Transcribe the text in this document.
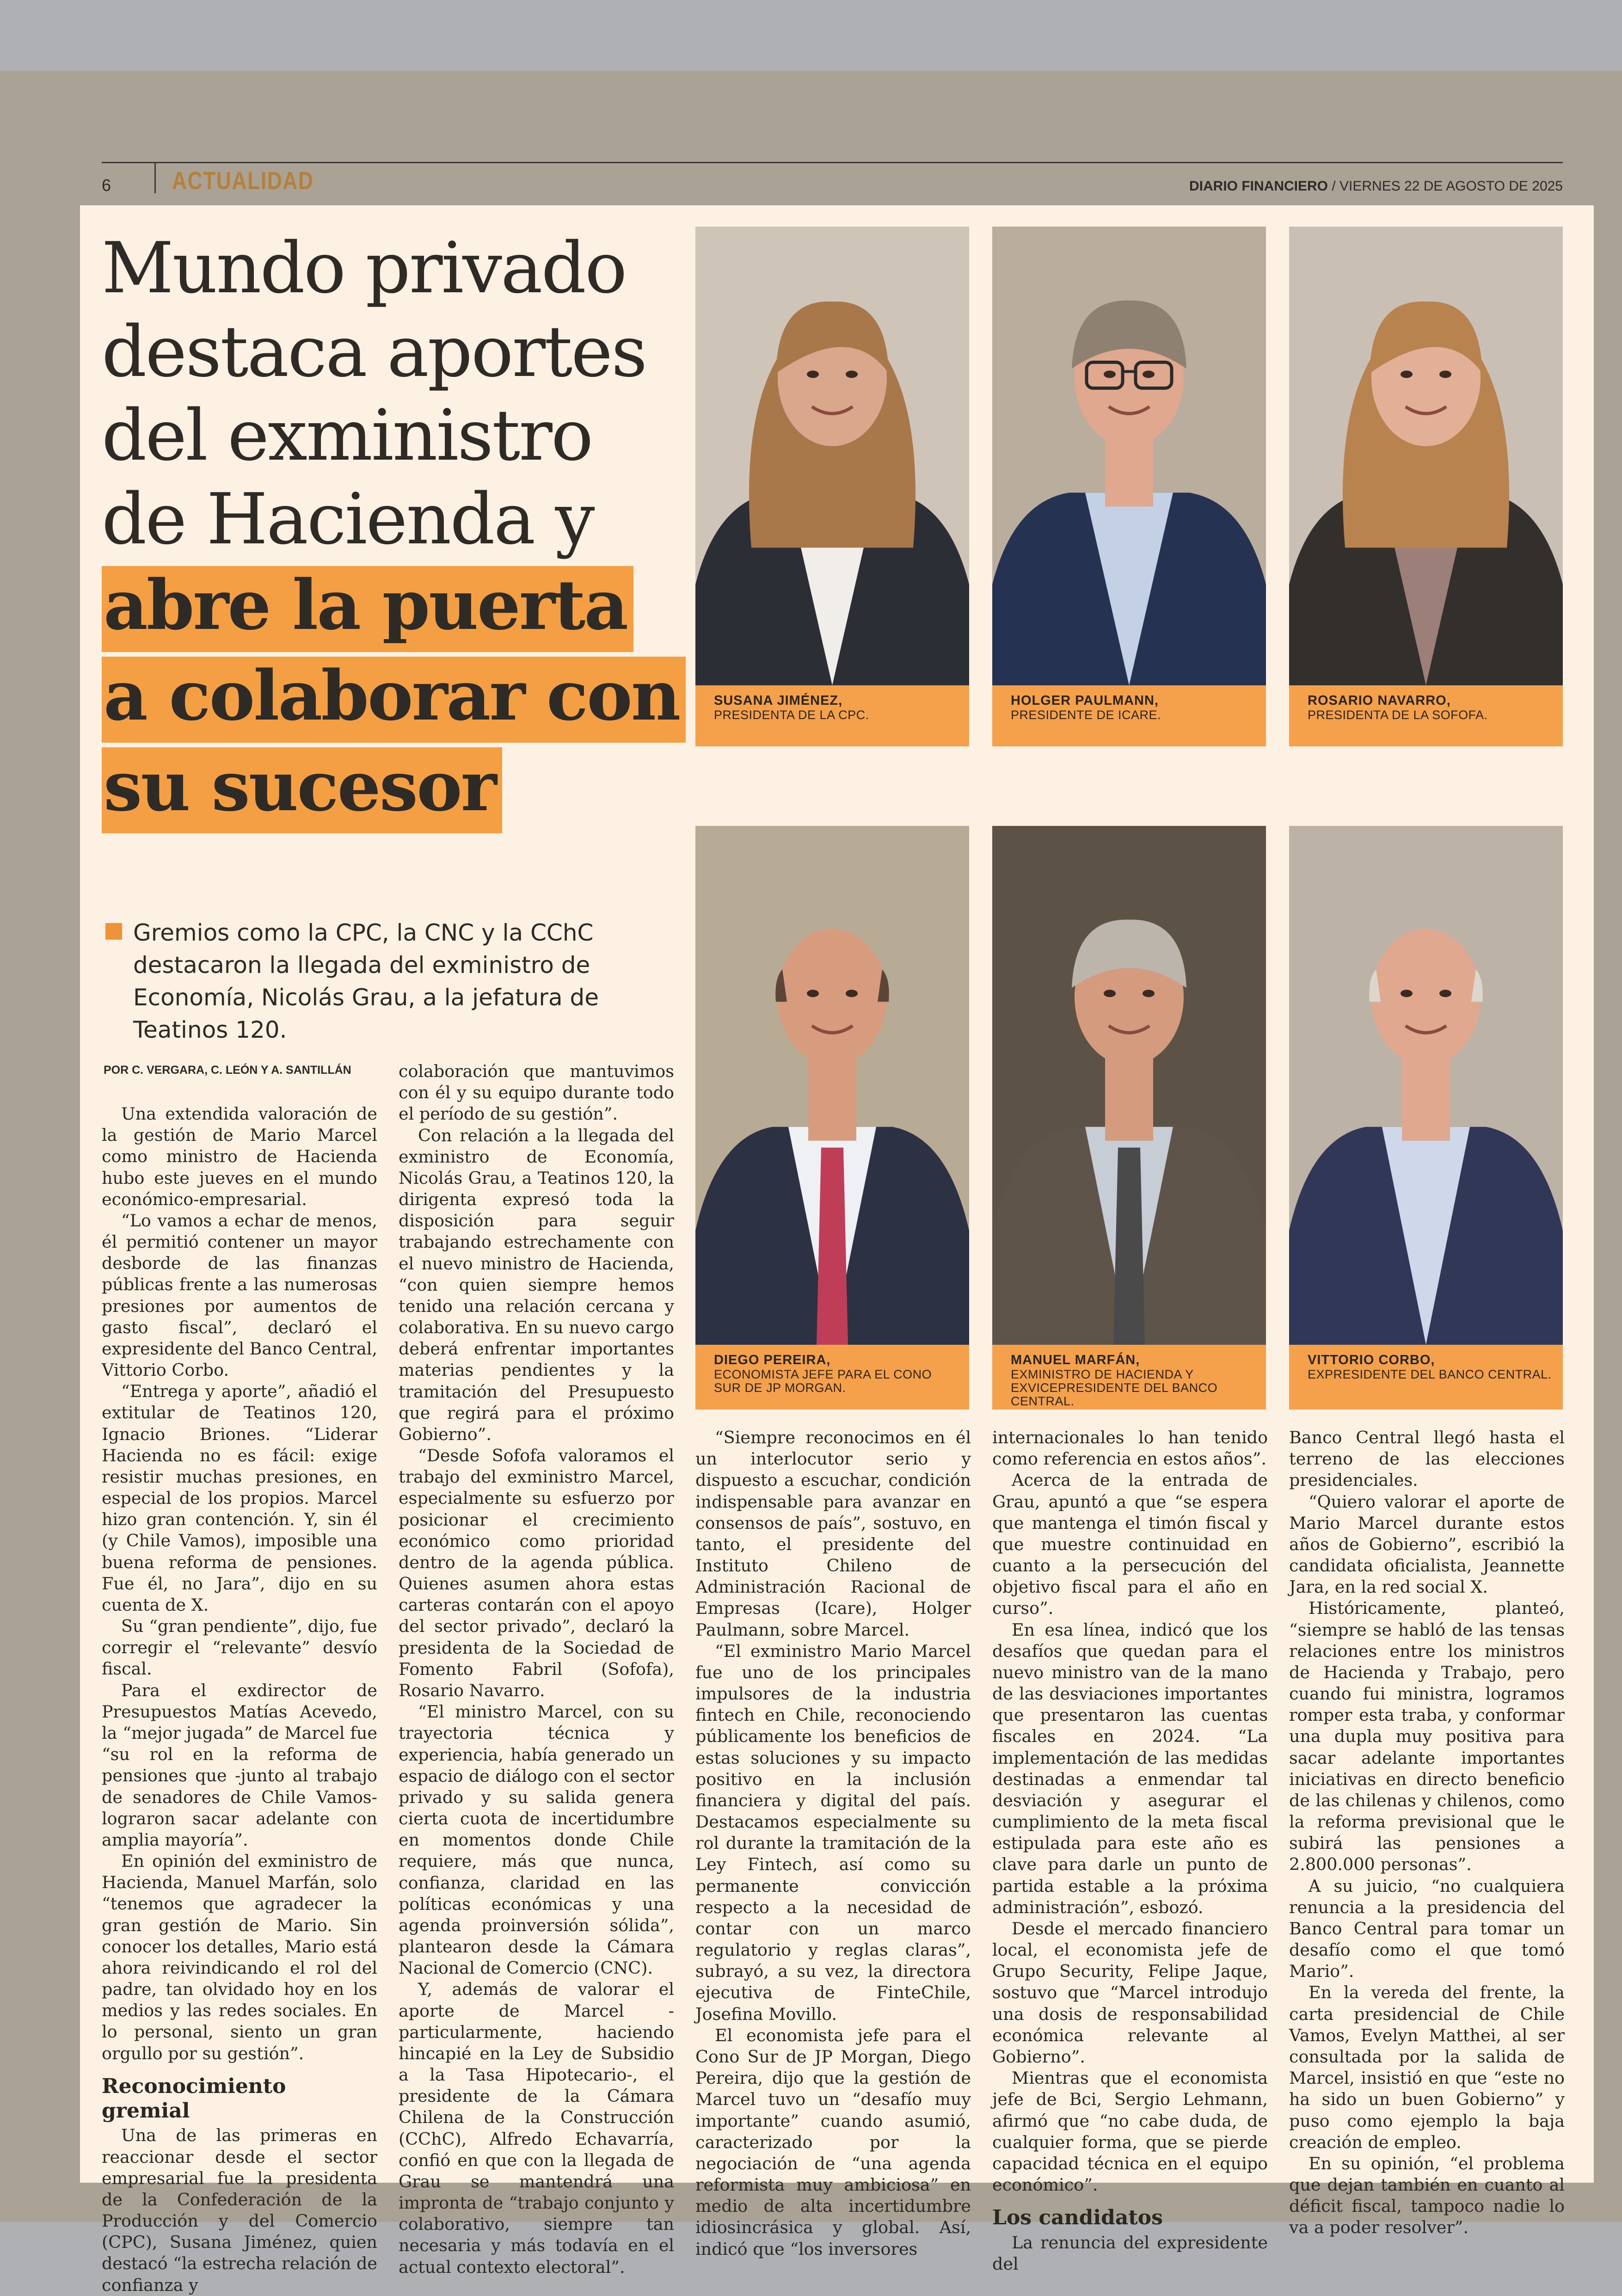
6 ACTUALIDAD	DIARIO FINANCIERO / VIERNES 22 DE AGOSTO DE 2025
Mundo privado
destaca aportes
del exministro
de Hacienda y
abre la puerta
a colaborar con
su sucesor
Gremios como la CPC, la CNC y la CChC destacaron la llegada del exministro de Economía, Nicolás Grau, a la jefatura de Teatinos 120.
POR C. VERGARA, C. LEÓN Y A. SANTILLÁN

Una extendida valoración de la gestión de Mario Marcel como ministro de Hacienda hubo este jueves en el mundo económico-empresarial.

“Lo vamos a echar de menos, él permitió contener un mayor desborde de las finanzas públicas frente a las numerosas presiones por aumentos de gasto fiscal”, declaró el expresidente del Banco Central, Vittorio Corbo.

“Entrega y aporte”, añadió el extitular de Teatinos 120, Ignacio Briones. “Liderar Hacienda no es fácil: exige resistir muchas presiones, en especial de los propios. Marcel hizo gran contención. Y, sin él (y Chile Vamos), imposible una buena reforma de pensiones. Fue él, no Jara”, dijo en su cuenta de X.

Su “gran pendiente”, dijo, fue corregir el “relevante” desvío fiscal.

Para el exdirector de Presupuestos Matías Acevedo, la “mejor jugada” de Marcel fue “su rol en la reforma de pensiones que -junto al trabajo de senadores de Chile Vamos- lograron sacar adelante con amplia mayoría”.

En opinión del exministro de Hacienda, Manuel Marfán, solo “tenemos que agradecer la gran gestión de Mario. Sin conocer los detalles, Mario está ahora reivindicando el rol del padre, tan olvidado hoy en los medios y las redes sociales. En lo personal, siento un gran orgullo por su gestión”.

Reconocimiento gremial

Una de las primeras en reaccionar desde el sector empresarial fue la presidenta de la Confederación de la Producción y del Comercio (CPC), Susana Jiménez, quien destacó “la estrecha relación de confianza y

colaboración que mantuvimos con él y su equipo durante todo el período de su gestión”.

Con relación a la llegada del exministro de Economía, Nicolás Grau, a Teatinos 120, la dirigenta expresó toda la disposición para seguir trabajando estrechamente con el nuevo ministro de Hacienda, “con quien siempre hemos tenido una relación cercana y colaborativa. En su nuevo cargo deberá enfrentar importantes materias pendientes y la tramitación del Presupuesto que regirá para el próximo Gobierno”.

“Desde Sofofa valoramos el trabajo del exministro Marcel, especialmente su esfuerzo por posicionar el crecimiento económico como prioridad dentro de la agenda pública. Quienes asumen ahora estas carteras contarán con el apoyo del sector privado”, declaró la presidenta de la Sociedad de Fomento Fabril (Sofofa), Rosario Navarro.

“El ministro Marcel, con su trayectoria técnica y experiencia, había generado un espacio de diálogo con el sector privado y su salida genera cierta cuota de incertidumbre en momentos donde Chile requiere, más que nunca, confianza, claridad en las políticas económicas y una agenda proinversión sólida”, plantearon desde la Cámara Nacional de Comercio (CNC).

Y, además de valorar el aporte de Marcel -particularmente, haciendo hincapié en la Ley de Subsidio a la Tasa Hipotecario-, el presidente de la Cámara Chilena de la Construcción (CChC), Alfredo Echavarría, confió en que con la llegada de Grau se mantendrá una impronta de “trabajo conjunto y colaborativo, siempre tan necesaria y más todavía en el actual contexto electoral”.

“Siempre reconocimos en él un interlocutor serio y dispuesto a escuchar, condición indispensable para avanzar en consensos de país”, sostuvo, en tanto, el presidente del Instituto Chileno de Administración Racional de Empresas (Icare), Holger Paulmann, sobre Marcel.

“El exministro Mario Marcel fue uno de los principales impulsores de la industria fintech en Chile, reconociendo públicamente los beneficios de estas soluciones y su impacto positivo en la inclusión financiera y digital del país. Destacamos especialmente su rol durante la tramitación de la Ley Fintech, así como su permanente convicción respecto a la necesidad de contar con un marco regulatorio y reglas claras”, subrayó, a su vez, la directora ejecutiva de FinteChile, Josefina Movillo.

El economista jefe para el Cono Sur de JP Morgan, Diego Pereira, dijo que la gestión de Marcel tuvo un “desafío muy importante” cuando asumió, caracterizado por la negociación de “una agenda reformista muy ambiciosa” en medio de alta incertidumbre idiosincrásica y global. Así, indicó que “los inversores

internacionales lo han tenido como referencia en estos años”.

Acerca de la entrada de Grau, apuntó a que “se espera que mantenga el timón fiscal y que muestre continuidad en cuanto a la persecución del objetivo fiscal para el año en curso”.

En esa línea, indicó que los desafíos que quedan para el nuevo ministro van de la mano de las desviaciones importantes que presentaron las cuentas fiscales en 2024. “La implementación de las medidas destinadas a enmendar tal desviación y asegurar el cumplimiento de la meta fiscal estipulada para este año es clave para darle un punto de partida estable a la próxima administración”, esbozó.

Desde el mercado financiero local, el economista jefe de Grupo Security, Felipe Jaque, sostuvo que “Marcel introdujo una dosis de responsabilidad económica relevante al Gobierno”.

Mientras que el economista jefe de Bci, Sergio Lehmann, afirmó que “no cabe duda, de cualquier forma, que se pierde capacidad técnica en el equipo económico”.

Los candidatos

La renuncia del expresidente del

Banco Central llegó hasta el terreno de las elecciones presidenciales.

“Quiero valorar el aporte de Mario Marcel durante estos años de Gobierno”, escribió la candidata oficialista, Jeannette Jara, en la red social X.

Históricamente, planteó, “siempre se habló de las tensas relaciones entre los ministros de Hacienda y Trabajo, pero cuando fui ministra, logramos romper esta traba, y conformar una dupla muy positiva para sacar adelante importantes iniciativas en directo beneficio de las chilenas y chilenos, como la reforma previsional que le subirá las pensiones a 2.800.000 personas”.

A su juicio, “no cualquiera renuncia a la presidencia del Banco Central para tomar un desafío como el que tomó Mario”.

En la vereda del frente, la carta presidencial de Chile Vamos, Evelyn Matthei, al ser consultada por la salida de Marcel, insistió en que “este no ha sido un buen Gobierno” y puso como ejemplo la baja creación de empleo.

En su opinión, “el problema que dejan también en cuanto al déficit fiscal, tampoco nadie lo va a poder resolver”.

SUSANA JIMÉNEZ,
PRESIDENTA DE LA CPC.
HOLGER PAULMANN,
PRESIDENTE DE ICARE.
ROSARIO NAVARRO,
PRESIDENTA DE LA SOFOFA.
DIEGO PEREIRA,
ECONOMISTA JEFE PARA EL CONO SUR DE JP MORGAN.
MANUEL MARFÁN,
EXMINISTRO DE HACIENDA Y EXVICEPRESIDENTE DEL BANCO CENTRAL.
VITTORIO CORBO,
EXPRESIDENTE DEL BANCO CENTRAL.
